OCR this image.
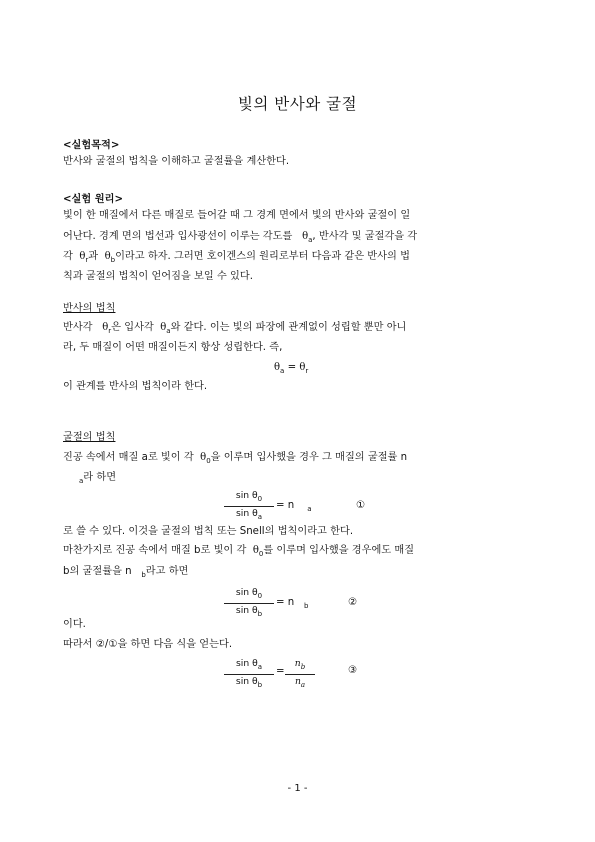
빛의 반사와 굴절
<실험목적>
반사와 굴절의 법칙을 이해하고 굴절률을 계산한다.
<실험 원리>
빛이 한 매질에서 다른 매질로 들어갈 때 그 경계 면에서 빛의 반사와 굴절이 일
어난다. 경계 면의 법선과 입사광선이 이루는 각도를 $\theta_a$, 반사각 및 굴절각을 각
각 $\theta_r$과 $\theta_b$이라고 하자. 그러면 호이겐스의 원리로부터 다음과 같은 반사의 법
칙과 굴절의 법칙이 얻어짐을 보일 수 있다.
반사의 법칙
반사각 $\theta_r$은 입사각 $\theta_a$와 같다. 이는 빛의 파장에 관계없이 성립할 뿐만 아니
라, 두 매질이 어떤 매질이든지 항상 성립한다. 즉,
$\theta_a = \theta_r$
이 관계를 반사의 법칙이라 한다.
굴절의 법칙
진공 속에서 매질 a로 빛이 각 $\theta_0$을 이루며 입사했을 경우 그 매질의 굴절률 n
$_a$라 하면
$\sin \theta_0$
$\sin \theta_a$
= n $_a$	①
로 쓸 수 있다. 이것을 굴절의 법칙 또는 Snell의 법칙이라고 한다.
마찬가지로 진공 속에서 매질 b로 빛이 각 $\theta_0$를 이루며 입사했을 경우에도 매질
b의 굴절률을 n $_b$라고 하면
$\sin \theta_0$
$\sin \theta_b$
= n $_b$	②
이다.
따라서 ②/①을 하면 다음 식을 얻는다.
$\sin \theta_a$
$\sin \theta_b$
=
$n_b$
$n_a$
③
- 1 -
